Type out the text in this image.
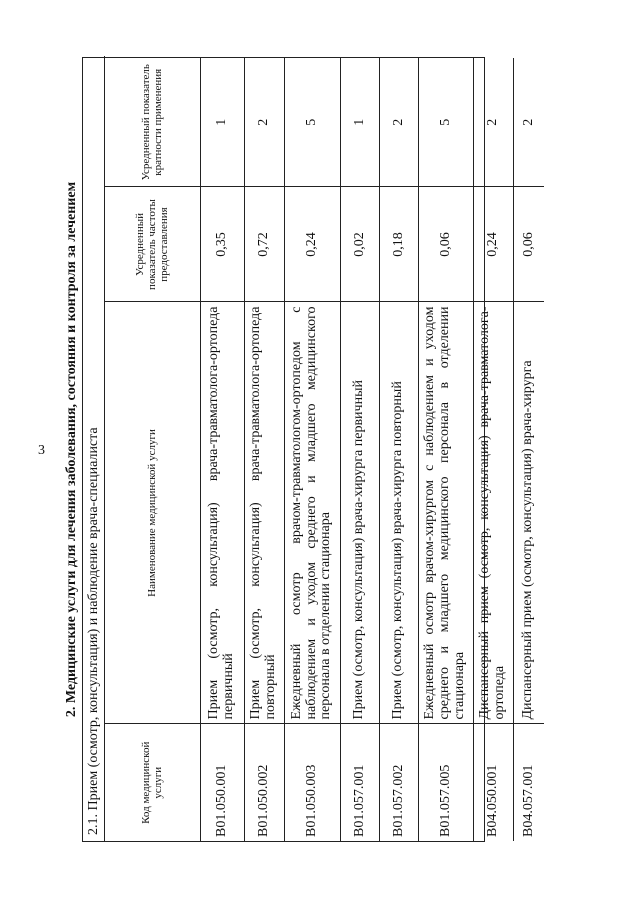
3 2. Медицинские услуги для лечения заболевания, состояния и контроля за лечением 2.1. Прием (осмотр, консультация) и наблюдение врача-специалиста	Код медицинской услуги	Наименование медицинской услуги	Усредненный показатель частоты предоставления	Усредненный показатель кратности применения
B01.050.001	Прием (осмотр, консультация) врача-травматолога-ортопеда первичный	0,35	1
B01.050.002	Прием (осмотр, консультация) врача-травматолога-ортопеда повторный	0,72	2
B01.050.003	Ежедневный осмотр врачом-травматологом-ортопедом с наблюдением и уходом среднего и младшего медицинского персонала в отделении стационара	0,24	5
B01.057.001	Прием (осмотр, консультация) врача-хирурга первичный	0,02	1
B01.057.002	Прием (осмотр, консультация) врача-хирурга повторный	0,18	2
B01.057.005	Ежедневный осмотр врачом-хирургом с наблюдением и уходом среднего и младшего медицинского персонала в отделении стационара	0,06	5
B04.050.001	Диспансерный прием (осмотр, консультация) врача-травматолога-ортопеда	0,24	2
B04.057.001	Диспансерный прием (осмотр, консультация) врача-хирурга	0,06	2
